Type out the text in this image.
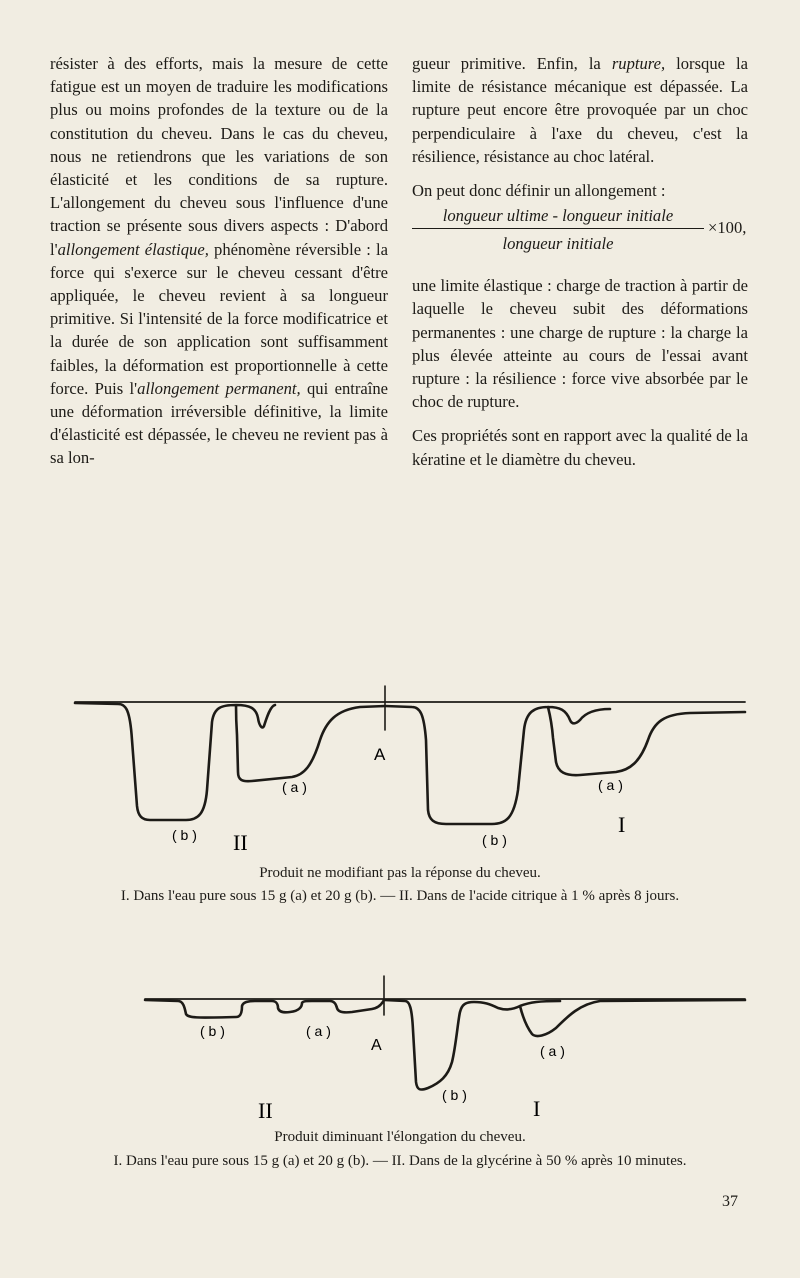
résister à des efforts, mais la mesure de cette fatigue est un moyen de traduire les modifications plus ou moins profondes de la texture ou de la constitution du cheveu. Dans le cas du cheveu, nous ne retiendrons que les variations de son élasticité et les conditions de sa rupture. L'allongement du cheveu sous l'influence d'une traction se présente sous divers aspects : D'abord l'allongement élastique, phénomène réversible : la force qui s'exerce sur le cheveu cessant d'être appliquée, le cheveu revient à sa longueur primitive. Si l'intensité de la force modificatrice et la durée de son application sont suffisamment faibles, la déformation est proportionnelle à cette force. Puis l'allongement permanent, qui entraîne une déformation irréversible définitive, la limite d'élasticité est dépassée, le cheveu ne revient pas à sa lon-

gueur primitive. Enfin, la rupture, lorsque la limite de résistance mécanique est dépassée. La rupture peut encore être provoquée par un choc perpendiculaire à l'axe du cheveu, c'est la résilience, résistance au choc latéral.

On peut donc définir un allongement :

longueur ultime - longueur initiale
longueur initiale
×100,

une limite élastique : charge de traction à partir de laquelle le cheveu subit des déformations permanentes : une charge de rupture : la charge la plus élevée atteinte au cours de l'essai avant rupture : la résilience : force vive absorbée par le choc de rupture.

Ces propriétés sont en rapport avec la qualité de la kératine et le diamètre du cheveu.

( a )
( b ) II
A
( a )
( b )
I
Produit ne modifiant pas la réponse du cheveu.
I. Dans l'eau pure sous 15 g (a) et 20 g (b). — II. Dans de l'acide citrique à 1 % après 8 jours.
( b )	( a )
II
A
( b )
( a )
I
Produit diminuant l'élongation du cheveu.
I. Dans l'eau pure sous 15 g (a) et 20 g (b). — II. Dans de la glycérine à 50 % après 10 minutes.
37
